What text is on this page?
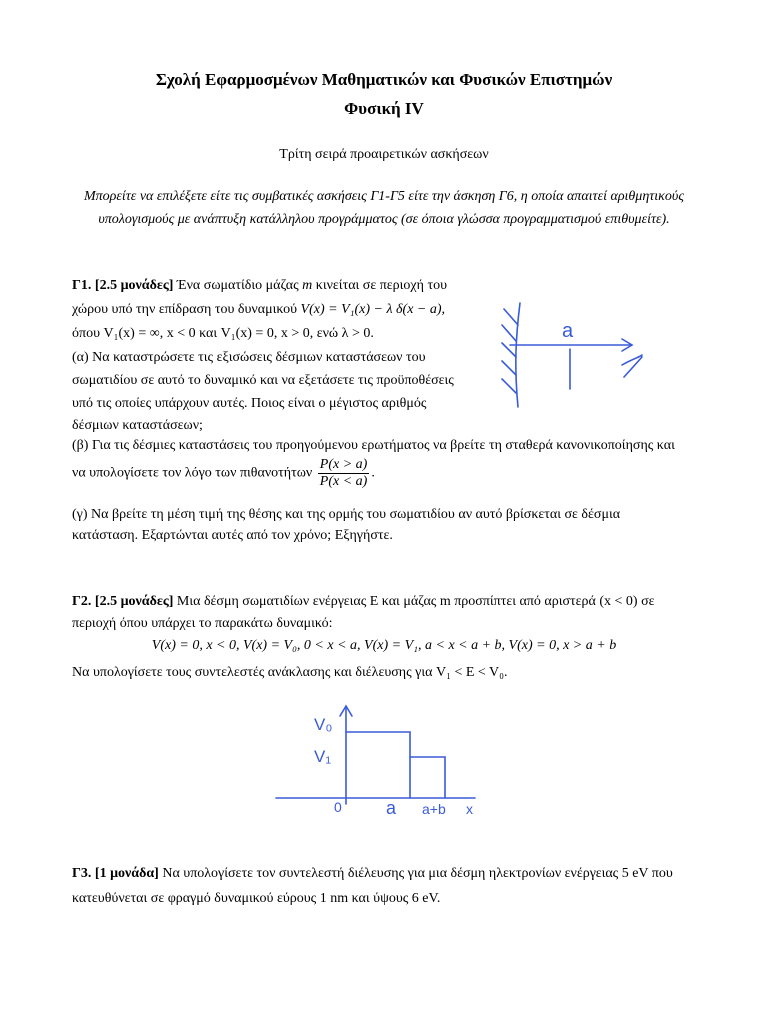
Σχολή Εφαρμοσμένων Μαθηματικών και Φυσικών Επιστημών

Φυσική IV

Τρίτη σειρά προαιρετικών ασκήσεων

Μπορείτε να επιλέξετε είτε τις συμβατικές ασκήσεις Γ1-Γ5 είτε την άσκηση Γ6, η οποία απαιτεί αριθμητικούς

υπολογισμούς με ανάπτυξη κατάλληλου προγράμματος (σε όποια γλώσσα προγραμματισμού επιθυμείτε).

Γ1. [2.5 μονάδες] Ένα σωματίδιο μάζας m κινείται σε περιοχή του

χώρου υπό την επίδραση του δυναμικού V(x) = V₁(x) − λ δ(x − a),

όπου V₁(x) = ∞, x < 0 και V₁(x) = 0, x > 0, ενώ λ > 0.

(α) Να καταστρώσετε τις εξισώσεις δέσμιων καταστάσεων του

σωματιδίου σε αυτό το δυναμικό και να εξετάσετε τις προϋποθέσεις

υπό τις οποίες υπάρχουν αυτές. Ποιος είναι ο μέγιστος αριθμός

δέσμιων καταστάσεων;

(β) Για τις δέσμιες καταστάσεις του προηγούμενου ερωτήματος να βρείτε τη σταθερά κανονικοποίησης και

να υπολογίσετε τον λόγο των πιθανοτήτων $\frac{P(x > a)}{P(x < a)}$ .

(γ) Να βρείτε τη μέση τιμή της θέσης και της ορμής του σωματιδίου αν αυτό βρίσκεται σε δέσμια

κατάσταση. Εξαρτώνται αυτές από τον χρόνο; Εξηγήστε.

a

Γ2. [2.5 μονάδες] Μια δέσμη σωματιδίων ενέργειας E και μάζας m προσπίπτει από αριστερά (x < 0) σε

περιοχή όπου υπάρχει το παρακάτω δυναμικό:

V(x) = 0, x < 0, V(x) = V₀, 0 < x < a, V(x) = V₁, a < x < a + b, V(x) = 0, x > a + b

Να υπολογίσετε τους συντελεστές ανάκλασης και διέλευσης για V₁ < E < V₀.

V₀
V₁
0 a a+b x

Γ3. [1 μονάδα] Να υπολογίσετε τον συντελεστή διέλευσης για μια δέσμη ηλεκτρονίων ενέργειας 5 eV που

κατευθύνεται σε φραγμό δυναμικού εύρους 1 nm και ύψους 6 eV.
